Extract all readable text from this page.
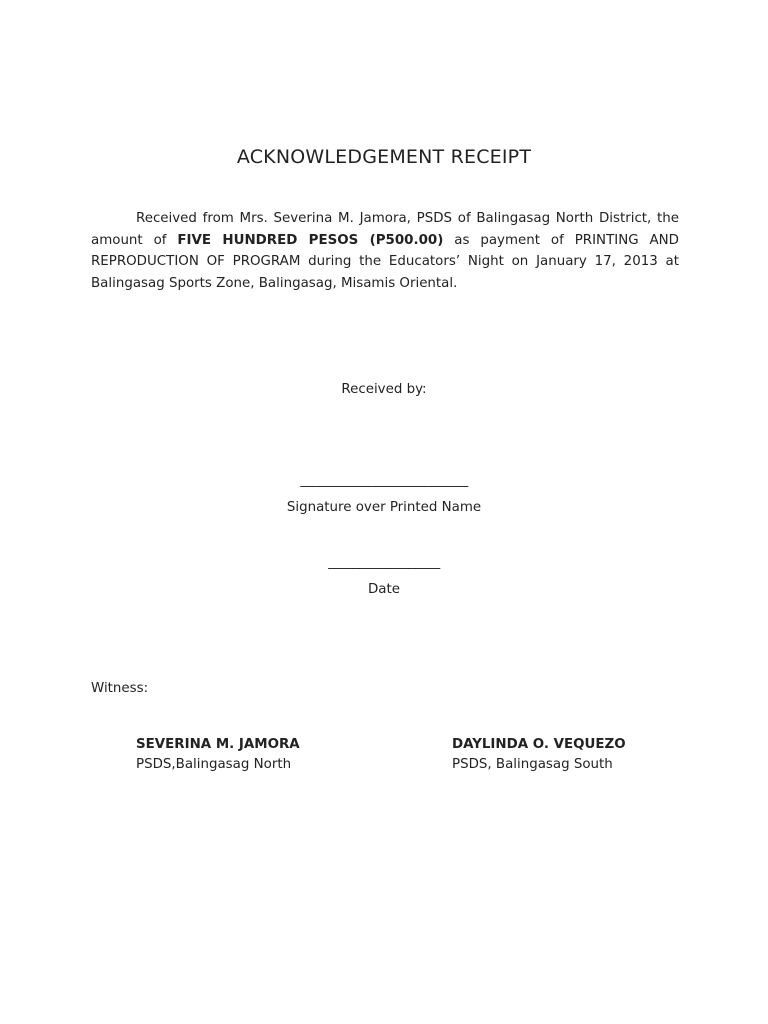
ACKNOWLEDGEMENT RECEIPT
Received from Mrs. Severina M. Jamora, PSDS of Balingasag North District, the amount of FIVE HUNDRED PESOS (P500.00) as payment of PRINTING AND REPRODUCTION OF PROGRAM during the Educators’ Night on January 17, 2013 at Balingasag Sports Zone, Balingasag, Misamis Oriental.
Received by:
___________________________
Signature over Printed Name
__________________
Date
Witness:
SEVERINA M. JAMORA
PSDS,Balingasag North
DAYLINDA O. VEQUEZO
PSDS, Balingasag South
